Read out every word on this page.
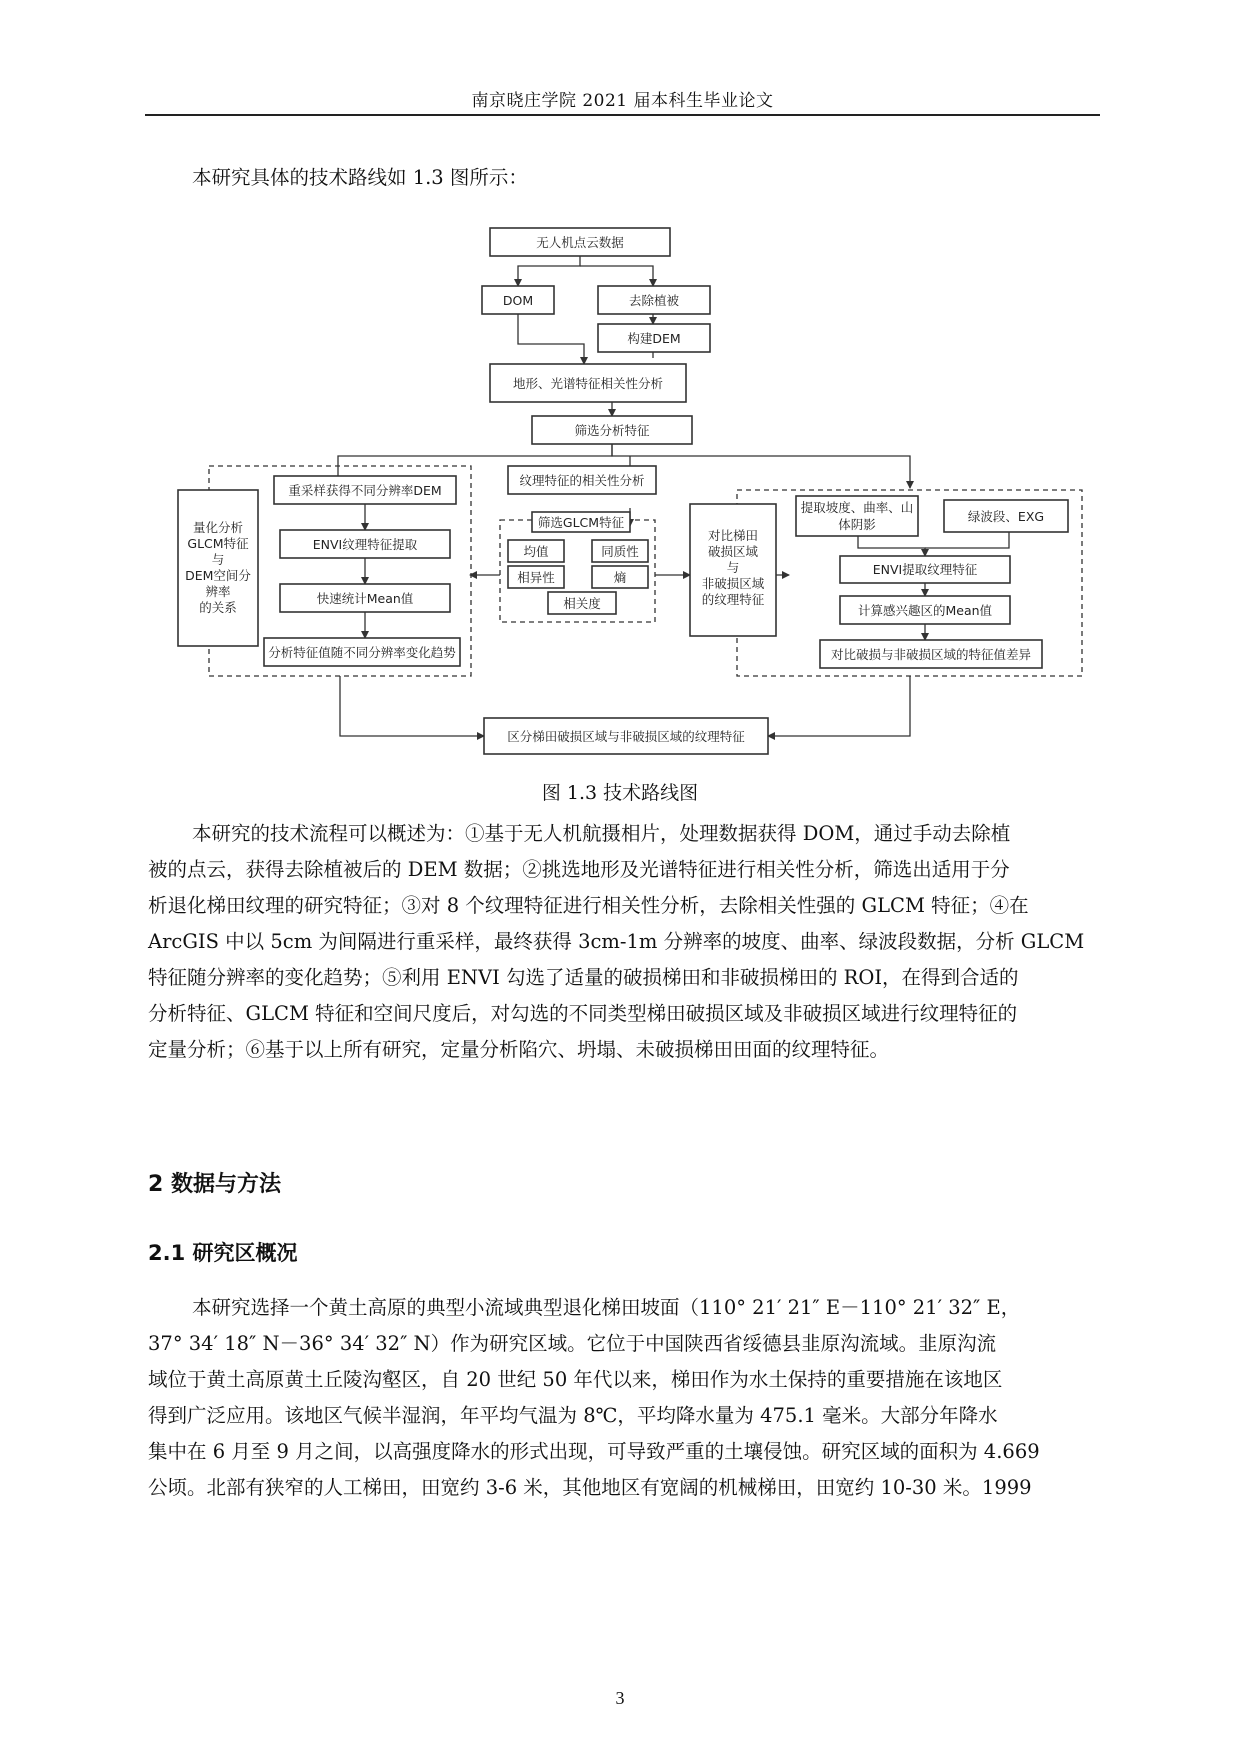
南京晓庄学院 2021 届本科生毕业论文

本研究具体的技术路线如 1.3 图所示：

无人机点云数据
DOM	去除植被
构建DEM
地形、光谱特征相关性分析
筛选分析特征
重采样获得不同分辨率DEM
ENVI纹理特征提取
快速统计Mean值
分析特征值随不同分辨率变化趋势
量化分析
GLCM特征
与
DEM空间分
辨率
的关系
纹理特征的相关性分析
筛选GLCM特征
均值	同质性
相异性	熵
相关度
对比梯田
破损区域
与
非破损区域
的纹理特征
提取坡度、曲率、山
体阴影
绿波段、EXG
ENVI提取纹理特征
计算感兴趣区的Mean值
对比破损与非破损区域的特征值差异
区分梯田破损区域与非破损区域的纹理特征
图 1.3 技术路线图

本研究的技术流程可以概述为：①基于无人机航摄相片，处理数据获得 DOM，通过手动去除植
被的点云，获得去除植被后的 DEM 数据；②挑选地形及光谱特征进行相关性分析，筛选出适用于分
析退化梯田纹理的研究特征；③对 8 个纹理特征进行相关性分析，去除相关性强的 GLCM 特征；④在
ArcGIS 中以 5cm 为间隔进行重采样，最终获得 3cm-1m 分辨率的坡度、曲率、绿波段数据，分析 GLCM
特征随分辨率的变化趋势；⑤利用 ENVI 勾选了适量的破损梯田和非破损梯田的 ROI，在得到合适的
分析特征、GLCM 特征和空间尺度后，对勾选的不同类型梯田破损区域及非破损区域进行纹理特征的
定量分析；⑥基于以上所有研究，定量分析陷穴、坍塌、未破损梯田田面的纹理特征。

2 数据与方法
2.1 研究区概况

本研究选择一个黄土高原的典型小流域典型退化梯田坡面（110° 21′ 21″ E－110° 21′ 32″ E，
37° 34′ 18″ N－36° 34′ 32″ N）作为研究区域。它位于中国陕西省绥德县韭原沟流域。韭原沟流
域位于黄土高原黄土丘陵沟壑区，自 20 世纪 50 年代以来，梯田作为水土保持的重要措施在该地区
得到广泛应用。该地区气候半湿润，年平均气温为 8℃，平均降水量为 475.1 毫米。大部分年降水
集中在 6 月至 9 月之间，以高强度降水的形式出现，可导致严重的土壤侵蚀。研究区域的面积为 4.669
公顷。北部有狭窄的人工梯田，田宽约 3-6 米，其他地区有宽阔的机械梯田，田宽约 10-30 米。1999

3
